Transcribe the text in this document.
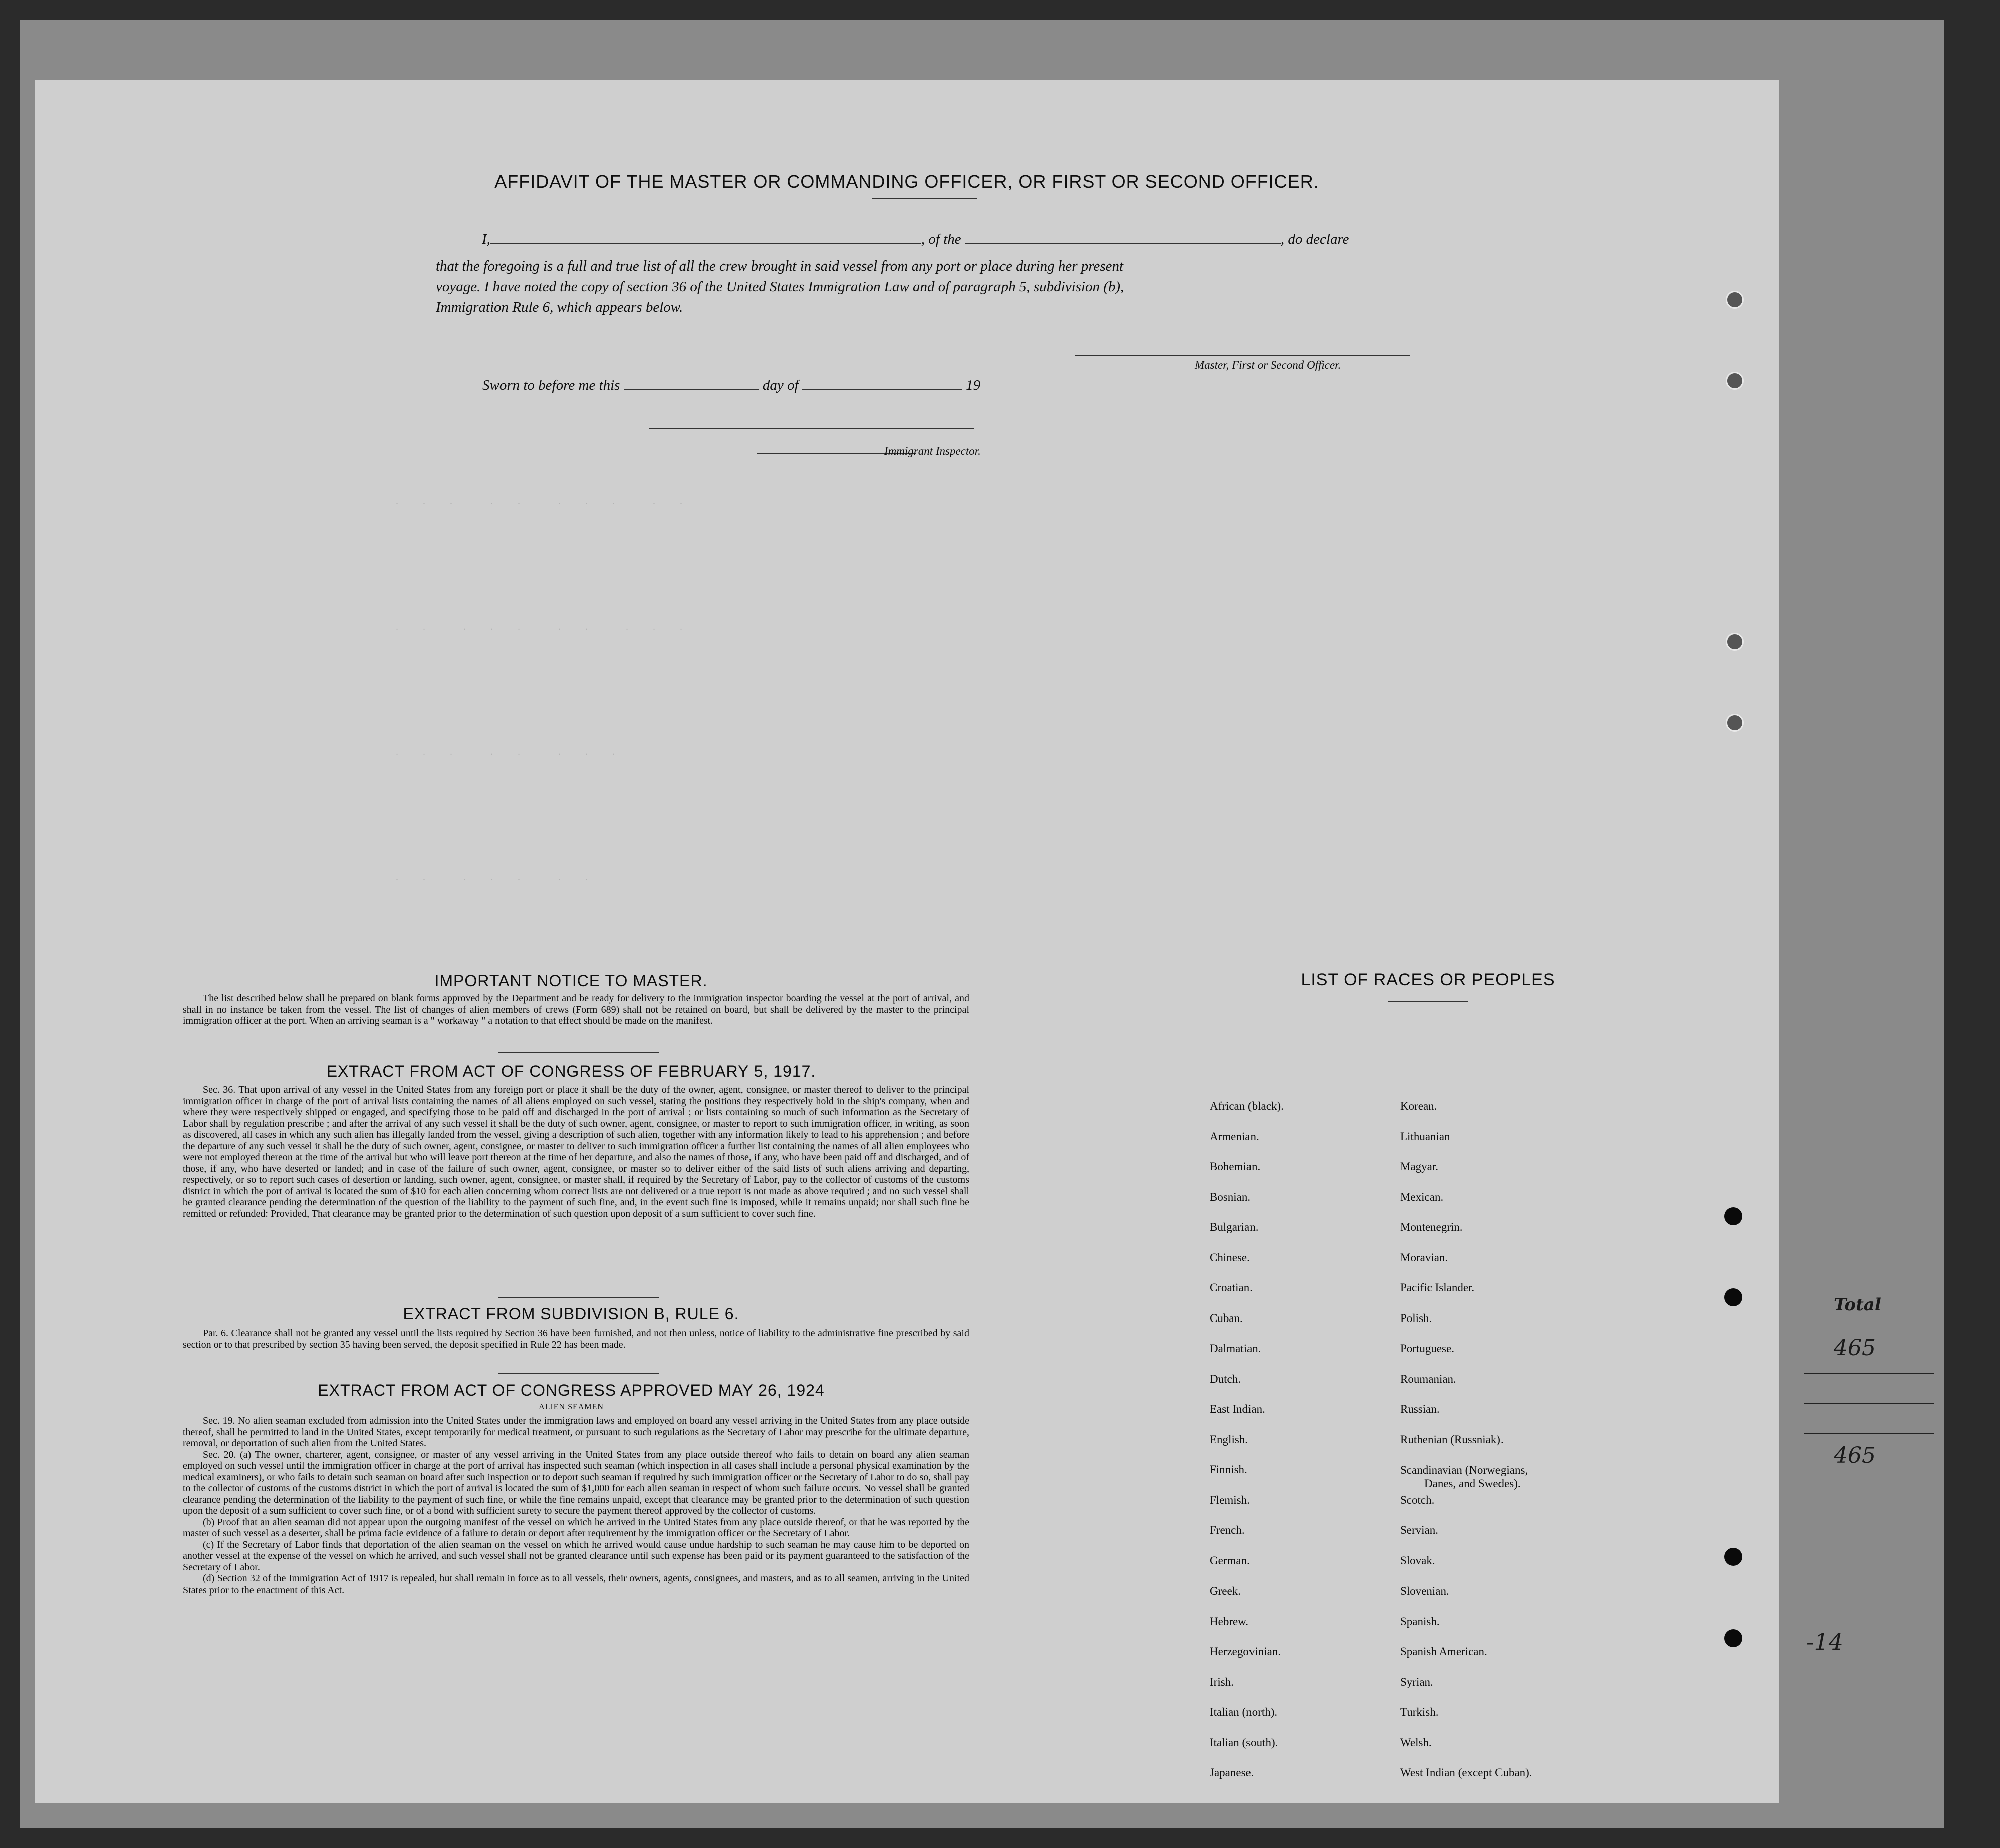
AFFIDAVIT OF THE MASTER OR COMMANDING OFFICER, OR FIRST OR SECOND OFFICER.
I,	, of the	, do declare
that the foregoing is a full and true list of all the crew brought in said vessel from any port or place during her present
voyage. I have noted the copy of section 36 of the United States Immigration Law and of paragraph 5, subdivision (b),
Immigration Rule 6, which appears below.
Master, First or Second Officer.
Sworn to before me this	day of	19
Immigrant Inspector.
. . .  . .  . . .  . .
. .  . . .  . .  . . .
. . .  . .  . . .
. .  . . .  . .
IMPORTANT NOTICE TO MASTER.

The list described below shall be prepared on blank forms approved by the Department and be ready for delivery to the immigration inspector boarding the vessel at the port of arrival, and shall in no instance be taken from the vessel. The list of changes of alien members of crews (Form 689) shall not be retained on board, but shall be delivered by the master to the principal immigration officer at the port. When an arriving seaman is a " workaway " a notation to that effect should be made on the manifest.

EXTRACT FROM ACT OF CONGRESS OF FEBRUARY 5, 1917.

Sec. 36. That upon arrival of any vessel in the United States from any foreign port or place it shall be the duty of the owner, agent, consignee, or master thereof to deliver to the principal immigration officer in charge of the port of arrival lists containing the names of all aliens employed on such vessel, stating the positions they respectively hold in the ship's company, when and where they were respectively shipped or engaged, and specifying those to be paid off and discharged in the port of arrival ; or lists containing so much of such information as the Secretary of Labor shall by regulation prescribe ; and after the arrival of any such vessel it shall be the duty of such owner, agent, consignee, or master to report to such immigration officer, in writing, as soon as discovered, all cases in which any such alien has illegally landed from the vessel, giving a description of such alien, together with any information likely to lead to his apprehension ; and before the departure of any such vessel it shall be the duty of such owner, agent, consignee, or master to deliver to such immigration officer a further list containing the names of all alien employees who were not employed thereon at the time of the arrival but who will leave port thereon at the time of her departure, and also the names of those, if any, who have been paid off and discharged, and of those, if any, who have deserted or landed; and in case of the failure of such owner, agent, consignee, or master so to deliver either of the said lists of such aliens arriving and departing, respectively, or so to report such cases of desertion or landing, such owner, agent, consignee, or master shall, if required by the Secretary of Labor, pay to the collector of customs of the customs district in which the port of arrival is located the sum of $10 for each alien concerning whom correct lists are not delivered or a true report is not made as above required ; and no such vessel shall be granted clearance pending the determination of the question of the liability to the payment of such fine, and, in the event such fine is imposed, while it remains unpaid; nor shall such fine be remitted or refunded: Provided, That clearance may be granted prior to the determination of such question upon deposit of a sum sufficient to cover such fine.

EXTRACT FROM SUBDIVISION B, RULE 6.

Par. 6. Clearance shall not be granted any vessel until the lists required by Section 36 have been furnished, and not then unless, notice of liability to the administrative fine prescribed by said section or to that prescribed by section 35 having been served, the deposit specified in Rule 22 has been made.

EXTRACT FROM ACT OF CONGRESS APPROVED MAY 26, 1924
ALIEN SEAMEN

Sec. 19. No alien seaman excluded from admission into the United States under the immigration laws and employed on board any vessel arriving in the United States from any place outside thereof, shall be permitted to land in the United States, except temporarily for medical treatment, or pursuant to such regulations as the Secretary of Labor may prescribe for the ultimate departure, removal, or deportation of such alien from the United States.

Sec. 20. (a) The owner, charterer, agent, consignee, or master of any vessel arriving in the United States from any place outside thereof who fails to detain on board any alien seaman employed on such vessel until the immigration officer in charge at the port of arrival has inspected such seaman (which inspection in all cases shall include a personal physical examination by the medical examiners), or who fails to detain such seaman on board after such inspection or to deport such seaman if required by such immigration officer or the Secretary of Labor to do so, shall pay to the collector of customs of the customs district in which the port of arrival is located the sum of $1,000 for each alien seaman in respect of whom such failure occurs. No vessel shall be granted clearance pending the determination of the liability to the payment of such fine, or while the fine remains unpaid, except that clearance may be granted prior to the determination of such question upon the deposit of a sum sufficient to cover such fine, or of a bond with sufficient surety to secure the payment thereof approved by the collector of customs.

(b) Proof that an alien seaman did not appear upon the outgoing manifest of the vessel on which he arrived in the United States from any place outside thereof, or that he was reported by the master of such vessel as a deserter, shall be prima facie evidence of a failure to detain or deport after requirement by the immigration officer or the Secretary of Labor.

(c) If the Secretary of Labor finds that deportation of the alien seaman on the vessel on which he arrived would cause undue hardship to such seaman he may cause him to be deported on another vessel at the expense of the vessel on which he arrived, and such vessel shall not be granted clearance until such expense has been paid or its payment guaranteed to the satisfaction of the Secretary of Labor.

(d) Section 32 of the Immigration Act of 1917 is repealed, but shall remain in force as to all vessels, their owners, agents, consignees, and masters, and as to all seamen, arriving in the United States prior to the enactment of this Act.

LIST OF RACES OR PEOPLES
African (black).
Armenian.
Bohemian.
Bosnian.
Bulgarian.
Chinese.
Croatian.
Cuban.
Dalmatian.
Dutch.
East Indian.
English.
Finnish.
Flemish.
French.
German.
Greek.
Hebrew.
Herzegovinian.
Irish.
Italian (north).
Italian (south).
Japanese.
Korean.
Lithuanian
Magyar.
Mexican.
Montenegrin.
Moravian.
Pacific Islander.
Polish.
Portuguese.
Roumanian.
Russian.
Ruthenian (Russniak).
Scandinavian (Norwegians,
Danes, and Swedes).
Scotch.
Servian.
Slovak.
Slovenian.
Spanish.
Spanish American.
Syrian.
Turkish.
Welsh.
West Indian (except Cuban).
Total
465
465
-14
